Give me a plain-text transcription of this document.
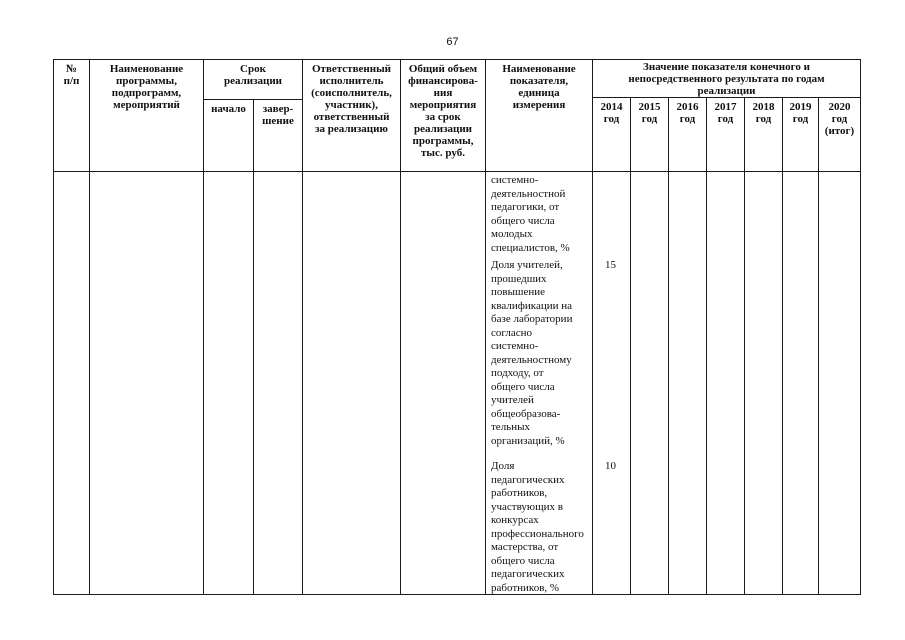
67
№
п/п
Наименование
программы,
подпрограмм,
мероприятий
Срок
реализации
начало	завер-
шение
Ответственный
исполнитель
(соисполнитель,
участник),
ответственный
за реализацию
Общий объем
финансирова-
ния
мероприятия
за срок
реализации
программы,
тыс. руб.
Наименование
показателя,
единица
измерения
Значение показателя конечного и
непосредственного результата по годам
реализации
2014
год
2015
год
2016
год
2017
год
2018
год
2019
год
2020
год
(итог)
системно-
деятельностной
педагогики, от
общего числа
молодых
специалистов, %
Доля учителей,
прошедших
повышение
квалификации на
базе лаборатории
согласно
системно-
деятельностному
подходу, от
общего числа
учителей
общеобразова-
тельных
организаций, %
15
Доля
педагогических
работников,
участвующих в
конкурсах
профессионального
мастерства, от
общего числа
педагогических
работников, %
10
